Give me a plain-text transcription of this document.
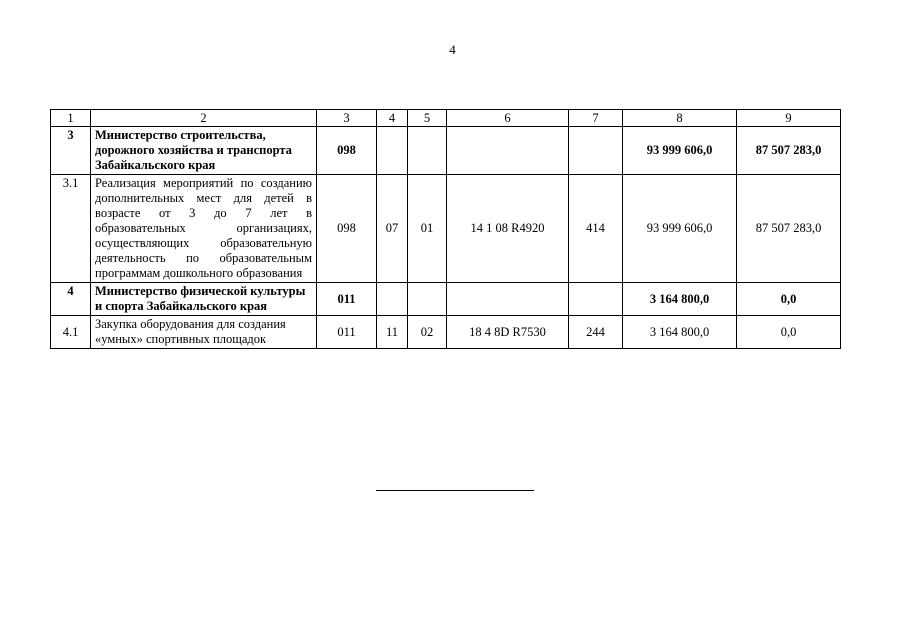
4
1	2	3	4	5	6	7	8	9
3	Министерство строительства, дорожного хозяйства и транспорта Забайкальского края	098					93 999 606,0	87 507 283,0
3.1	Реализация мероприятий по созданию дополнительных мест для детей в возрасте от 3 до 7 лет в образовательных организациях, осуществляющих образовательную деятельность по образовательным программам дошкольного образования	098	07	01	14 1 08 R4920	414	93 999 606,0	87 507 283,0
4	Министерство физической культуры и спорта Забайкальского края	011					3 164 800,0	0,0
4.1	Закупка оборудования для создания «умных» спортивных площадок	011	11	02	18 4 8D R7530	244	3 164 800,0	0,0
